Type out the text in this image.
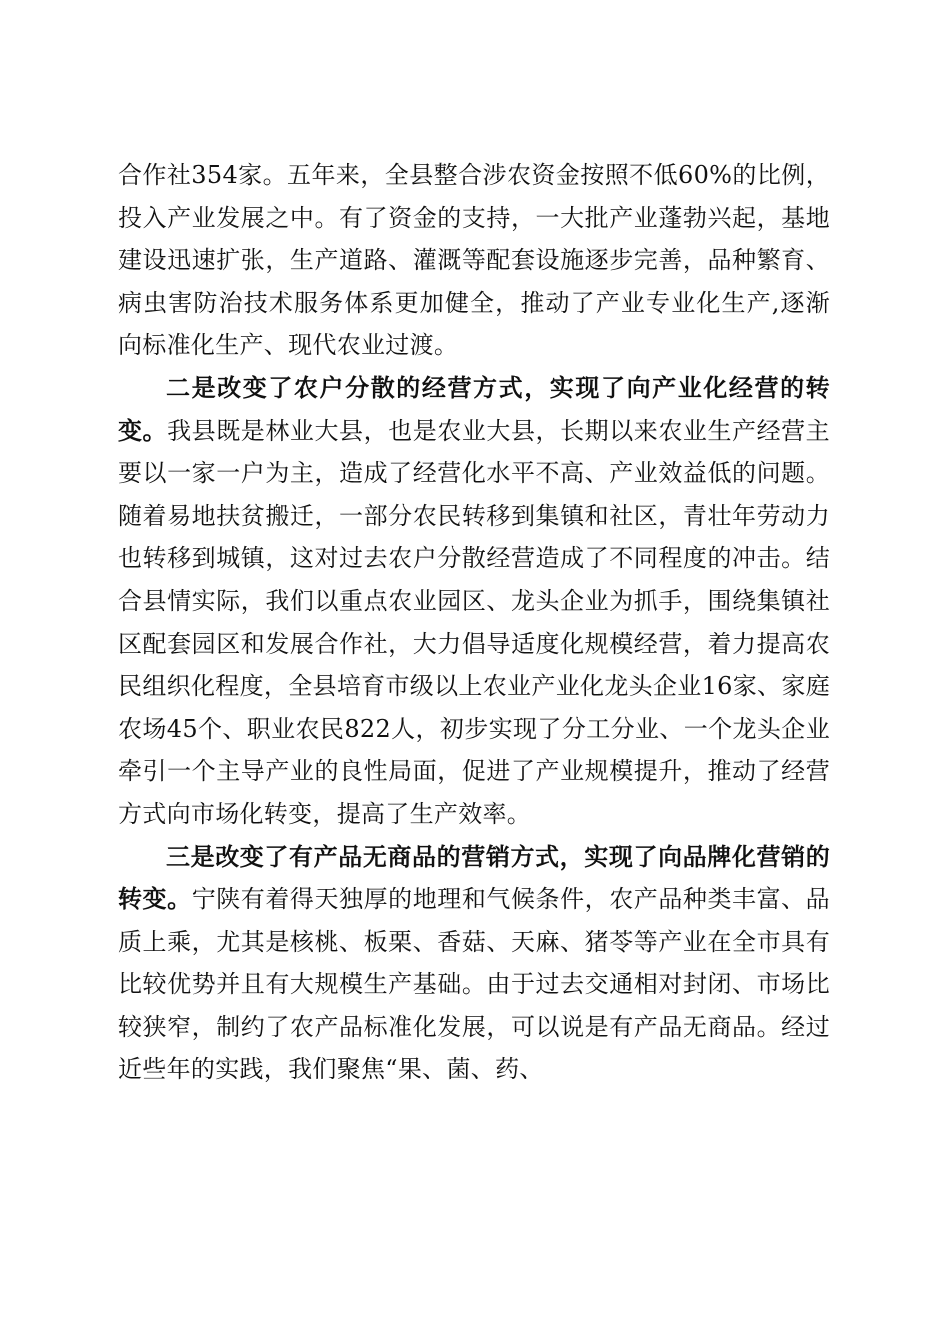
合作社354家。五年来，全县整合涉农资金按照不低60%的比例，投入产业发展之中。有了资金的支持，一大批产业蓬勃兴起，基地建设迅速扩张，生产道路、灌溉等配套设施逐步完善，品种繁育、病虫害防治技术服务体系更加健全，推动了产业专业化生产,逐渐向标准化生产、现代农业过渡。

二是改变了农户分散的经营方式，实现了向产业化经营的转变。我县既是林业大县，也是农业大县，长期以来农业生产经营主要以一家一户为主，造成了经营化水平不高、产业效益低的问题。随着易地扶贫搬迁，一部分农民转移到集镇和社区，青壮年劳动力也转移到城镇，这对过去农户分散经营造成了不同程度的冲击。结合县情实际，我们以重点农业园区、龙头企业为抓手，围绕集镇社区配套园区和发展合作社，大力倡导适度化规模经营，着力提高农民组织化程度，全县培育市级以上农业产业化龙头企业16家、家庭农场45个、职业农民822人，初步实现了分工分业、一个龙头企业牵引一个主导产业的良性局面，促进了产业规模提升，推动了经营方式向市场化转变，提高了生产效率。

三是改变了有产品无商品的营销方式，实现了向品牌化营销的转变。宁陕有着得天独厚的地理和气候条件，农产品种类丰富、品质上乘，尤其是核桃、板栗、香菇、天麻、猪苓等产业在全市具有比较优势并且有大规模生产基础。由于过去交通相对封闭、市场比较狭窄，制约了农产品标准化发展，可以说是有产品无商品。经过近些年的实践，我们聚焦“果、菌、药、
